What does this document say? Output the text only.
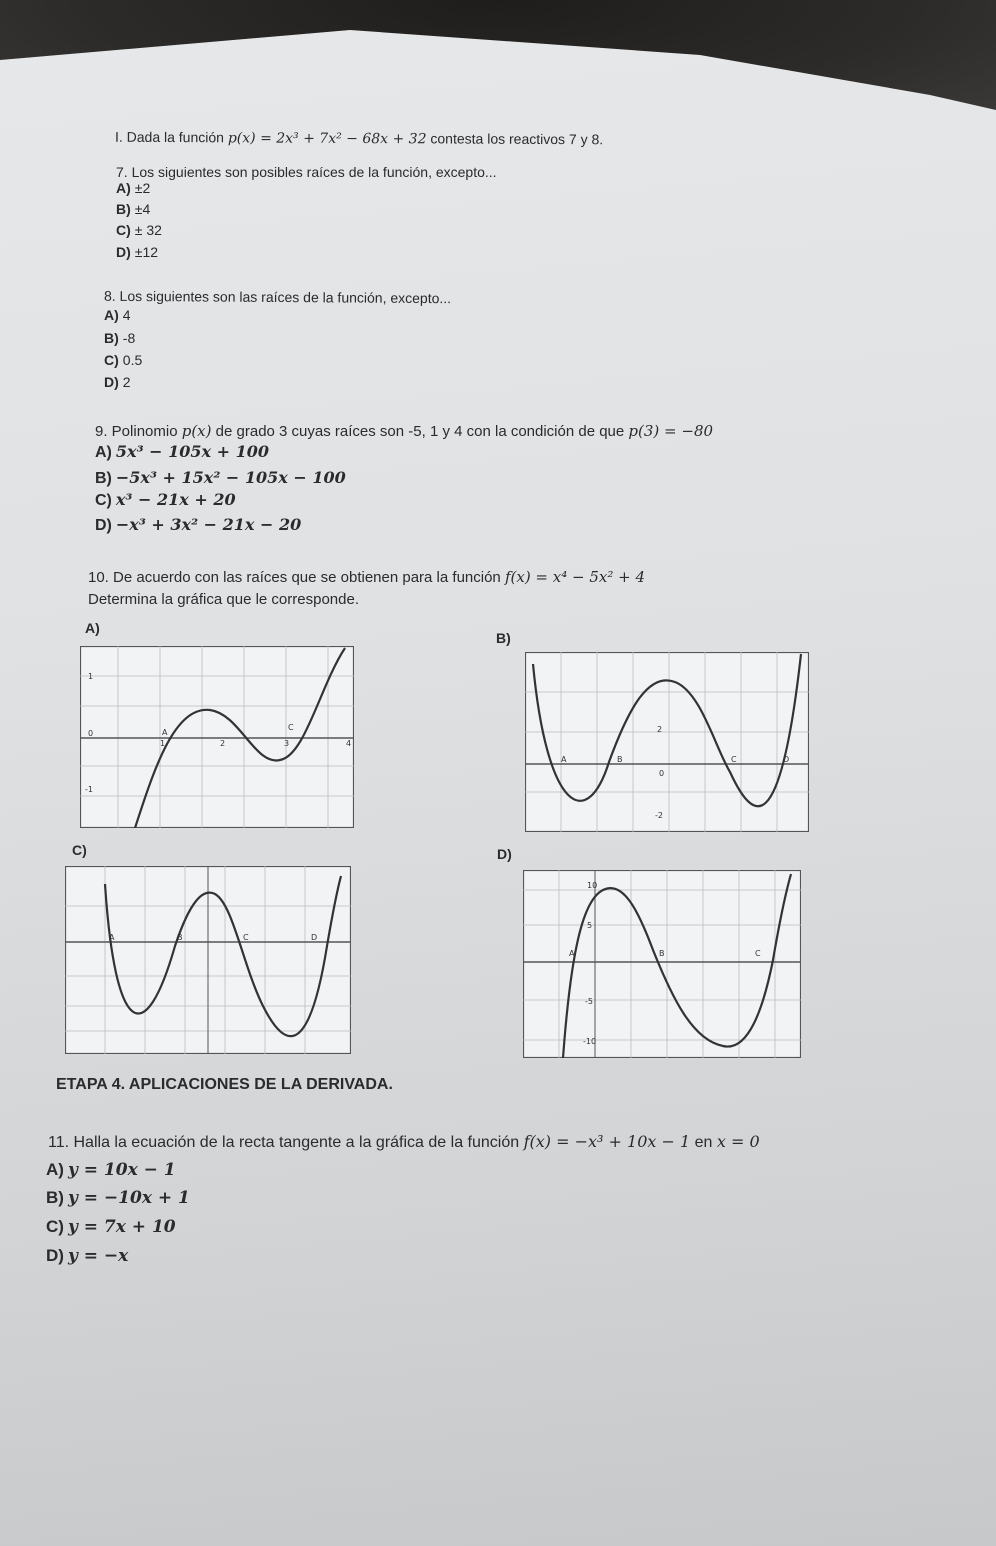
I. Dada la función p(x) = 2x³ + 7x² − 68x + 32 contesta los reactivos 7 y 8.
7. Los siguientes son posibles raíces de la función, excepto...
A) ±2
B) ±4
C) ± 32
D) ±12
8. Los siguientes son las raíces de la función, excepto...
A) 4
B) -8
C) 0.5
D) 2
9. Polinomio p(x) de grado 3 cuyas raíces son -5, 1 y 4 con la condición de que p(3) = −80
A) 5x³ − 105x + 100
B) −5x³ + 15x² − 105x − 100
C) x³ − 21x + 20
D) −x³ + 3x² − 21x − 20
10. De acuerdo con las raíces que se obtienen para la función f(x) = x⁴ − 5x² + 4
Determina la gráfica que le corresponde.
A)
B)
C)	D)
1
0
-1
A
1	2
C
3	4
2
A	B	C	D
0
-2
A	B	C	D
10
5
-5
-10
A	B	C
ETAPA 4. APLICACIONES DE LA DERIVADA.
11. Halla la ecuación de la recta tangente a la gráfica de la función f(x) = −x³ + 10x − 1 en x = 0
A) y = 10x − 1
B) y = −10x + 1
C) y = 7x + 10
D) y = −x
